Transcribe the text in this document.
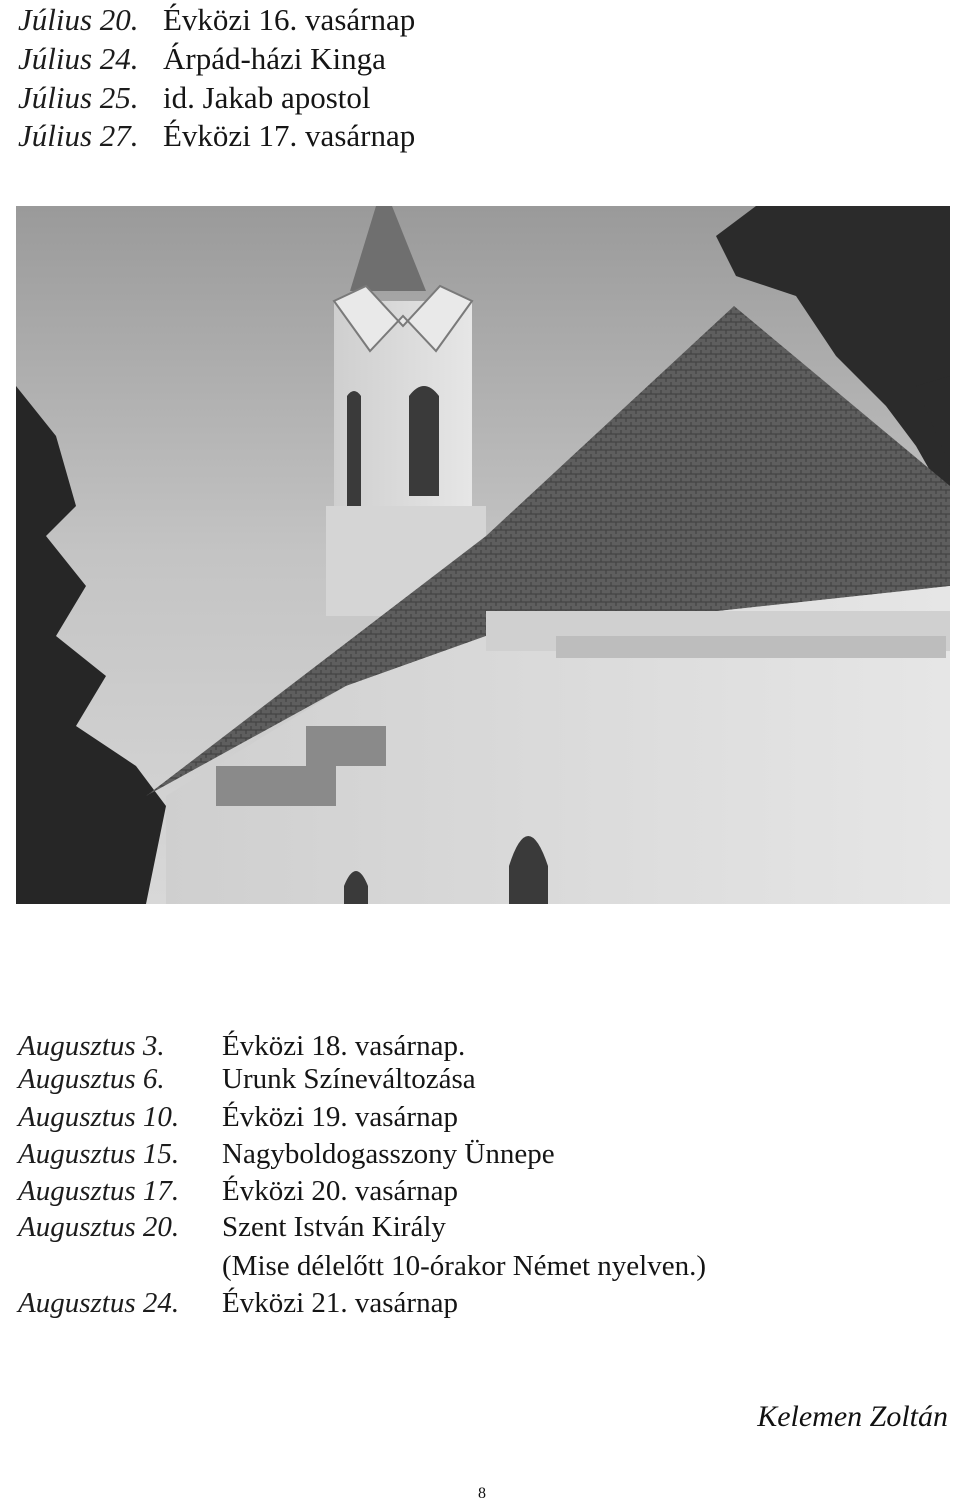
Július 20. Évközi 16. vasárnap
Július 24. Árpád-házi Kinga
Július 25. id. Jakab apostol
Július 27. Évközi 17. vasárnap
Augusztus 3. Évközi 18. vasárnap.
Augusztus 6. Urunk Színeváltozása
Augusztus 10. Évközi 19. vasárnap
Augusztus 15. Nagyboldogasszony Ünnepe
Augusztus 17. Évközi 20. vasárnap
Augusztus 20. Szent István Király
(Mise délelőtt 10-órakor Német nyelven.)
Augusztus 24. Évközi 21. vasárnap
Kelemen Zoltán
8
